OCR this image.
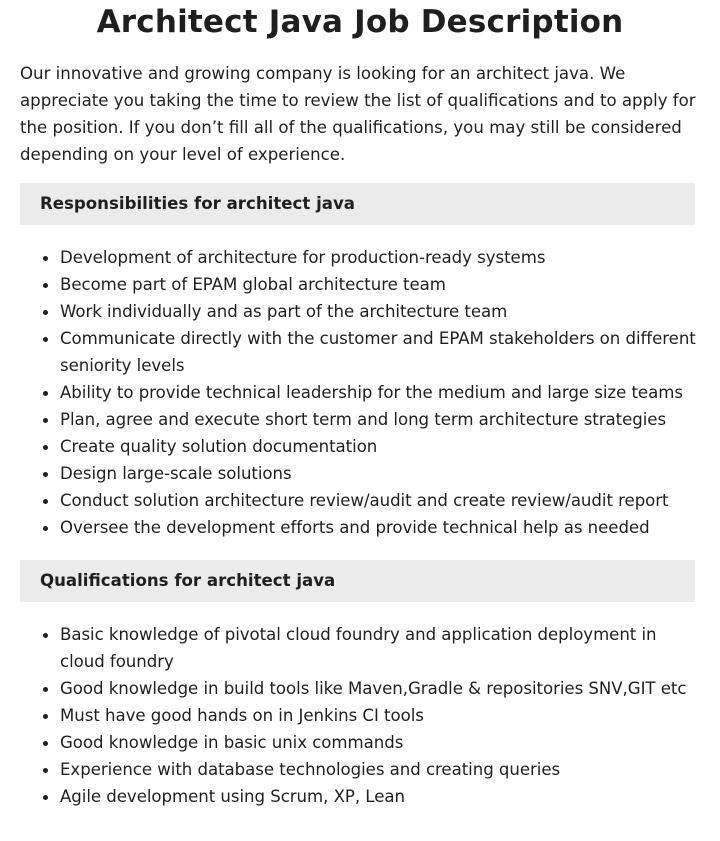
Architect Java Job Description

Our innovative and growing company is looking for an architect java. We appreciate you taking the time to review the list of qualifications and to apply for the position. If you don’t fill all of the qualifications, you may still be considered depending on your level of experience.

Responsibilities for architect java
Development of architecture for production-ready systems
Become part of EPAM global architecture team
Work individually and as part of the architecture team
Communicate directly with the customer and EPAM stakeholders on different seniority levels
Ability to provide technical leadership for the medium and large size teams
Plan, agree and execute short term and long term architecture strategies
Create quality solution documentation
Design large-scale solutions
Conduct solution architecture review/audit and create review/audit report
Oversee the development efforts and provide technical help as needed
Qualifications for architect java
Basic knowledge of pivotal cloud foundry and application deployment in cloud foundry
Good knowledge in build tools like Maven,Gradle & repositories SNV,GIT etc
Must have good hands on in Jenkins CI tools
Good knowledge in basic unix commands
Experience with database technologies and creating queries
Agile development using Scrum, XP, Lean
